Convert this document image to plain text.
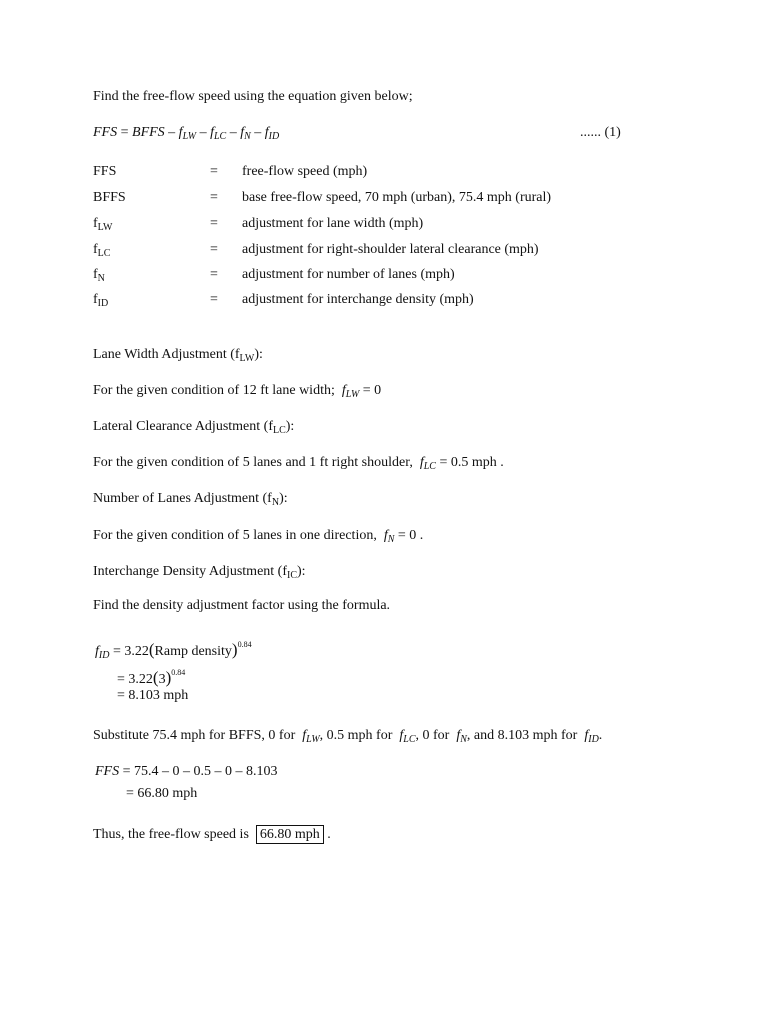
Find the free-flow speed using the equation given below;
FFS = BFFS – $f_{LW} - f_{LC} - f_N - f_{ID}$	...... (1)
FFS	= free-flow speed (mph)
BFFS	= base free-flow speed, 70 mph (urban), 75.4 mph (rural)
$f_{LW}$	= adjustment for lane width (mph)
$f_{LC}$	= adjustment for right-shoulder lateral clearance (mph)
$f_N$	= adjustment for number of lanes (mph)
$f_{ID}$	= adjustment for interchange density (mph)
Lane Width Adjustment $(f_{LW})$:
For the given condition of 12 ft lane width; $f_{LW} = 0$
Lateral Clearance Adjustment $(f_{LC})$:
For the given condition of 5 lanes and 1 ft right shoulder, $f_{LC} = 0.5$ mph .
Number of Lanes Adjustment $(f_N)$:
For the given condition of 5 lanes in one direction, $f_N = 0$ .
Interchange Density Adjustment $(f_{IC})$:
Find the density adjustment factor using the formula.
$f_{ID}$ = 3.22(Ramp density)$^{0.84}$
= $3.22(3)^{0.84}$
= 8.103 mph
Substitute 75.4 mph for BFFS, 0 for $f_{LW}$, 0.5 mph for $f_{LC}$, 0 for $f_N$, and 8.103 mph for $f_{ID}$.
FFS = 75.4 – 0 – 0.5 – 0 – 8.103
= 66.80 mph
Thus, the free-flow speed is 66.80 mph .
